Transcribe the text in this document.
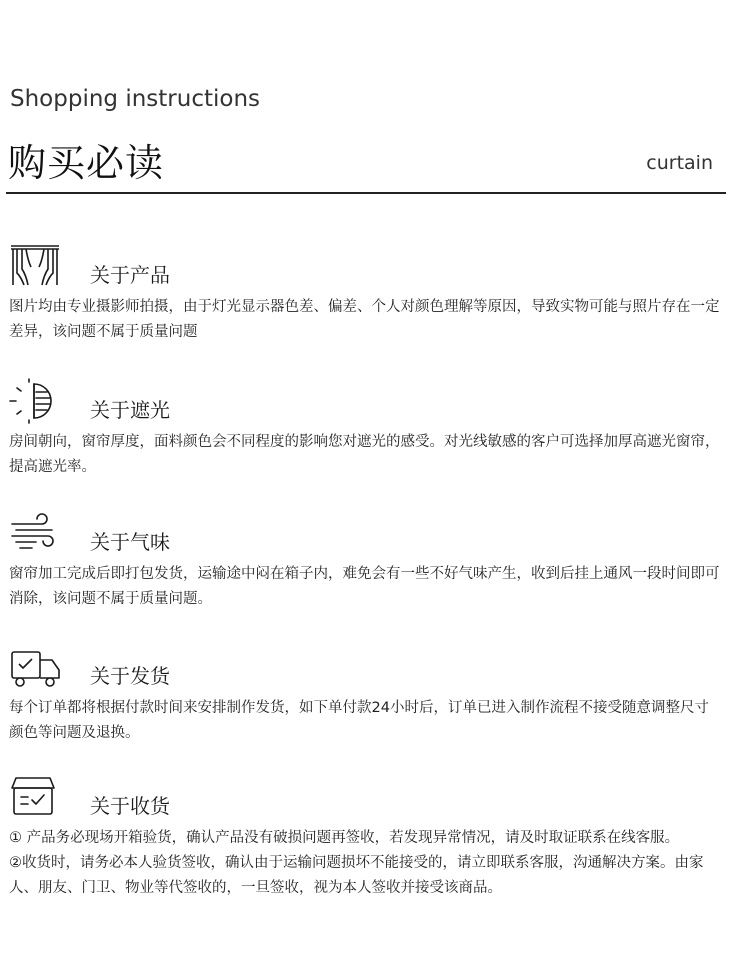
Shopping instructions
购买必读	curtain
关于产品

图片均由专业摄影师拍摄，由于灯光显示器色差、偏差、个人对颜色理解等原因，导致实物可能与照片存在一定差异，该问题不属于质量问题

关于遮光

房间朝向，窗帘厚度，面料颜色会不同程度的影响您对遮光的感受。对光线敏感的客户可选择加厚高遮光窗帘，提高遮光率。

关于气味

窗帘加工完成后即打包发货，运输途中闷在箱子内，难免会有一些不好气味产生，收到后挂上通风一段时间即可消除，该问题不属于质量问题。

关于发货

每个订单都将根据付款时间来安排制作发货，如下单付款24小时后，订单已进入制作流程不接受随意调整尺寸颜色等问题及退换。

关于收货

① 产品务必现场开箱验货，确认产品没有破损问题再签收，若发现异常情况，请及时取证联系在线客服。

②收货时，请务必本人验货签收，确认由于运输问题损坏不能接受的，请立即联系客服，沟通解决方案。由家人、朋友、门卫、物业等代签收的，一旦签收，视为本人签收并接受该商品。
